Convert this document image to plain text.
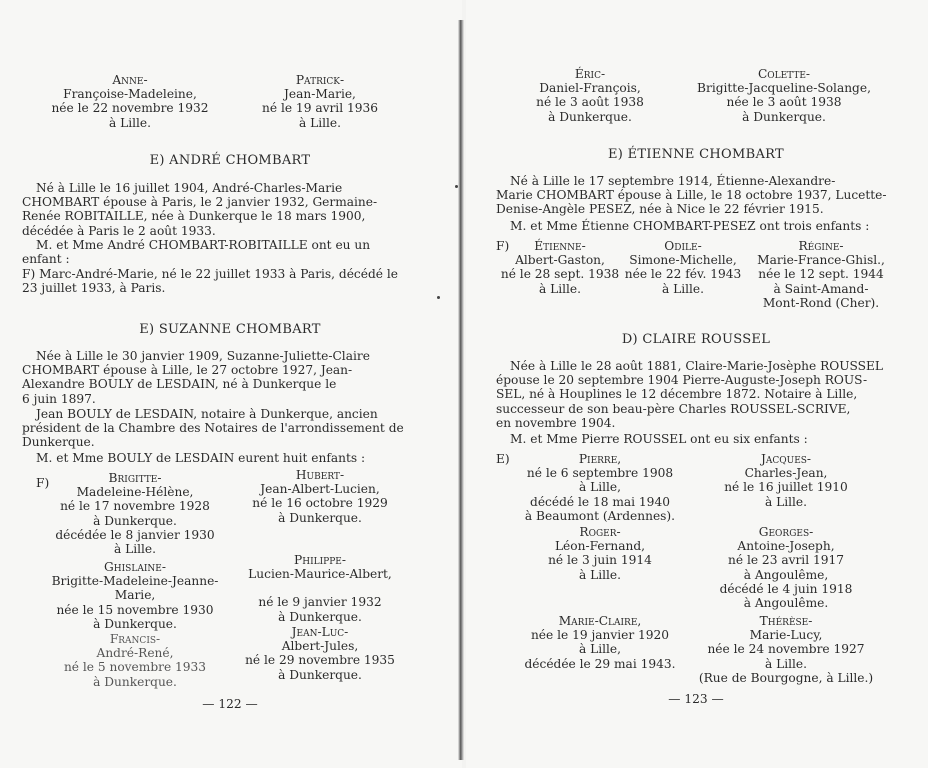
Anne-
Françoise-Madeleine,
née le 22 novembre 1932
à Lille.
Patrick-
Jean-Marie,
né le 19 avril 1936
à Lille.
E) ANDRÉ CHOMBART
Né à Lille le 16 juillet 1904, André-Charles-Marie
CHOMBART épouse à Paris, le 2 janvier 1932, Germaine-
Renée ROBITAILLE, née à Dunkerque le 18 mars 1900,
décédée à Paris le 2 août 1933.
M. et Mme André CHOMBART-ROBITAILLE ont eu un
enfant :
F) Marc-André-Marie, né le 22 juillet 1933 à Paris, décédé le
23 juillet 1933, à Paris.
E) SUZANNE CHOMBART
Née à Lille le 30 janvier 1909, Suzanne-Juliette-Claire
CHOMBART épouse à Lille, le 27 octobre 1927, Jean-
Alexandre BOULY de LESDAIN, né à Dunkerque le
6 juin 1897.
Jean BOULY de LESDAIN, notaire à Dunkerque, ancien
président de la Chambre des Notaires de l'arrondissement de
Dunkerque.
M. et Mme BOULY de LESDAIN eurent huit enfants :
F)	Brigitte-
Madeleine-Hélène,
né le 17 novembre 1928
à Dunkerque.
décédée le 8 janvier 1930
à Lille.
Hubert-
Jean-Albert-Lucien,
né le 16 octobre 1929
à Dunkerque.
Ghislaine-
Brigitte-Madeleine-Jeanne-
Marie,
née le 15 novembre 1930
à Dunkerque.
Philippe-
Lucien-Maurice-Albert,
né le 9 janvier 1932
à Dunkerque.
Francis-
André-René,
né le 5 novembre 1933
à Dunkerque.
Jean-Luc-
Albert-Jules,
né le 29 novembre 1935
à Dunkerque.
— 122 —
Éric-
Daniel-François,
né le 3 août 1938
à Dunkerque.
Colette-
Brigitte-Jacqueline-Solange,
née le 3 août 1938
à Dunkerque.
E) ÉTIENNE CHOMBART
Né à Lille le 17 septembre 1914, Étienne-Alexandre-
Marie CHOMBART épouse à Lille, le 18 octobre 1937, Lucette-
Denise-Angèle PESEZ, née à Nice le 22 février 1915.
M. et Mme Étienne CHOMBART-PESEZ ont trois enfants :
F)	Étienne-
Albert-Gaston,
né le 28 sept. 1938
à Lille.
Odile-
Simone-Michelle,
née le 22 fév. 1943
à Lille.
Régine-
Marie-France-Ghisl.,
née le 12 sept. 1944
à Saint-Amand-
Mont-Rond (Cher).
D) CLAIRE ROUSSEL
Née à Lille le 28 août 1881, Claire-Marie-Josèphe ROUSSEL
épouse le 20 septembre 1904 Pierre-Auguste-Joseph ROUS-
SEL, né à Houplines le 12 décembre 1872. Notaire à Lille,
successeur de son beau-père Charles ROUSSEL-SCRIVE,
en novembre 1904.
M. et Mme Pierre ROUSSEL ont eu six enfants :
E)	Pierre,
né le 6 septembre 1908
à Lille,
décédé le 18 mai 1940
à Beaumont (Ardennes).
Jacques-
Charles-Jean,
né le 16 juillet 1910
à Lille.
Roger-
Léon-Fernand,
né le 3 juin 1914
à Lille.
Georges-
Antoine-Joseph,
né le 23 avril 1917
à Angoulême,
décédé le 4 juin 1918
à Angoulême.
Marie-Claire,
née le 19 janvier 1920
à Lille,
décédée le 29 mai 1943.
Thérèse-
Marie-Lucy,
née le 24 novembre 1927
à Lille.
(Rue de Bourgogne, à Lille.)
— 123 —
